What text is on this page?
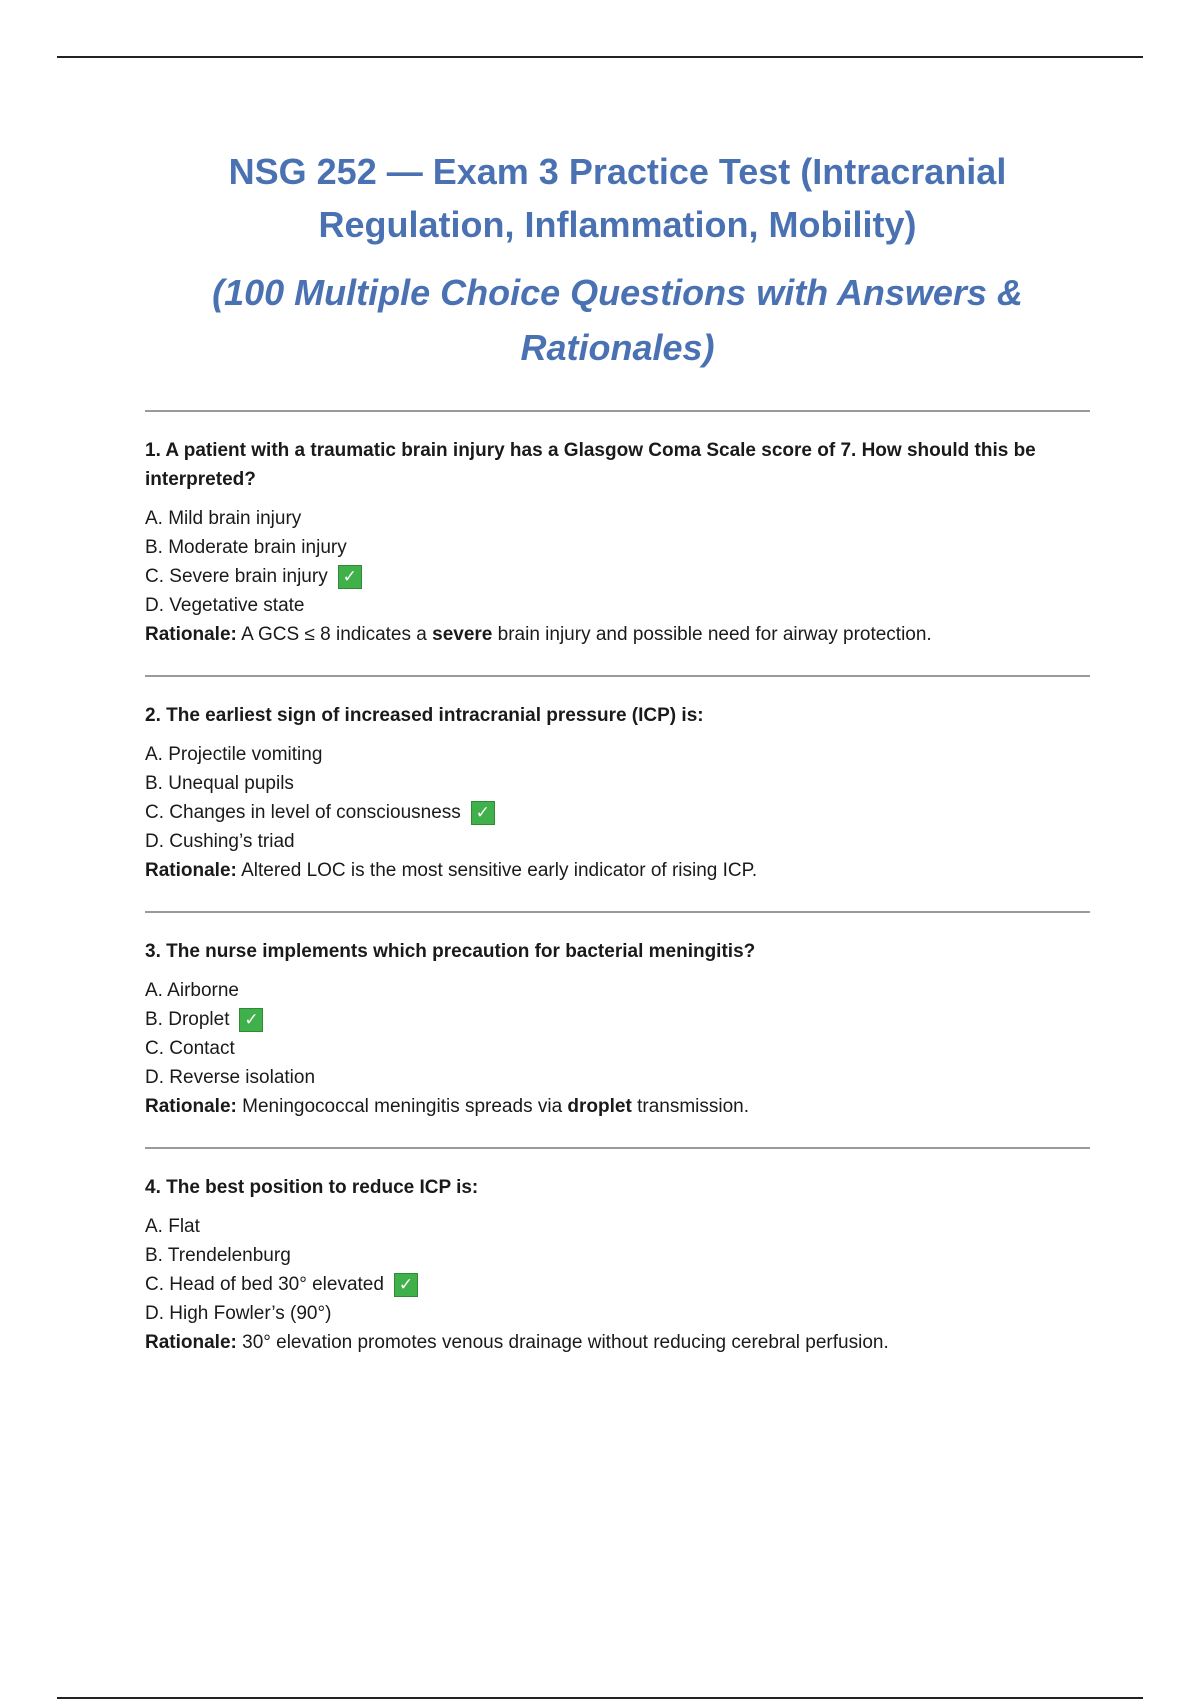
NSG 252 — Exam 3 Practice Test (Intracranial Regulation, Inflammation, Mobility)
(100 Multiple Choice Questions with Answers & Rationales)

1. A patient with a traumatic brain injury has a Glasgow Coma Scale score of 7. How should this be interpreted?

A. Mild brain injury
B. Moderate brain injury
C. Severe brain injury ✓
D. Vegetative state

Rationale: A GCS ≤ 8 indicates a severe brain injury and possible need for airway protection.

2. The earliest sign of increased intracranial pressure (ICP) is:

A. Projectile vomiting
B. Unequal pupils
C. Changes in level of consciousness ✓
D. Cushing’s triad

Rationale: Altered LOC is the most sensitive early indicator of rising ICP.

3. The nurse implements which precaution for bacterial meningitis?

A. Airborne
B. Droplet ✓
C. Contact
D. Reverse isolation

Rationale: Meningococcal meningitis spreads via droplet transmission.

4. The best position to reduce ICP is:

A. Flat
B. Trendelenburg
C. Head of bed 30° elevated ✓
D. High Fowler’s (90°)

Rationale: 30° elevation promotes venous drainage without reducing cerebral perfusion.
